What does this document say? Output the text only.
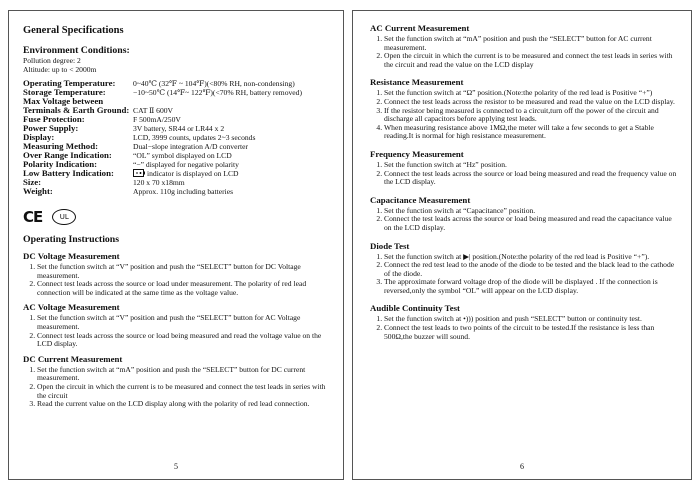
General Specifications
Environment Conditions:
Pollution degree: 2
Altitude: up to < 2000m
Operating Temperature:	0~40℃ (32℉ ~ 104℉)(<80% RH, non-condensing)
Storage Temperature:	−10~50℃ (14℉~ 122℉)(<70% RH, battery removed)
Max Voltage between
Terminals & Earth Ground: CAT Ⅱ 600V
Fuse Protection:	F 500mA/250V
Power Supply:	3V battery, SR44 or LR44 x 2
Display:	LCD, 3999 counts, updates 2~3 seconds
Measuring Method:	Dual−slope integration A/D converter
Over Range Indication:	“OL” symbol displayed on LCD
Polarity Indication:	“−” displayed for negative polarity
Low Battery Indication:	indicator is displayed on LCD
Size:	120 x 70 x18mm
Weight:	Approx. 110g including batteries
CE	UL
Operating Instructions
DC Voltage Measurement
1. Set the function switch at “V” position and push the “SELECT” button for DC Voltage measurement.
2. Connect test leads across the source or load under measurement. The polarity of red lead connection will be indicated at the same time as the voltage value.
AC Voltage Measurement
1. Set the function switch at “V” position and push the “SELECT” button for AC Voltage measurement.
2. Connect test leads across the source or load being measured and read the voltage value on the LCD display.
DC Current Measurement
1. Set the function switch at “mA” position and push the “SELECT” button for DC current measurement.
2. Open the circuit in which the current is to be measured and connect the test leads in series with the circuit
3. Read the current value on the LCD display along with the polarity of red lead connection.
5
AC Current Measurement
1. Set the function switch at “mA” position and push the “SELECT” button for AC current measurement.
2. Open the circuit in which the current is to be measured and connect the test leads in series with the circuit and read the value on the LCD display
Resistance Measurement
1. Set the function switch at “Ω” position.(Note:the polarity of the red lead is Positive “+”)
2. Connect the test leads across the resistor to be measured and read the value on the LCD display.
3. If the resistor being measured is connected to a circuit,turn off the power of the circuit and discharge all capacitors before applying test leads.
4. When measuring resistance above 1MΩ,the meter will take a few seconds to get a Stable reading.It is normal for high resistance measurement.
Frequency Measurement
1. Set the function switch at “Hz” position.
2. Connect the test leads across the source or load being measured and read the frequency value on the LCD display.
Capacitance Measurement
1. Set the function switch at “Capacitance” position.
2. Connect the test leads across the source or load being measured and read the capacitance value on the LCD display.
Diode Test
1. Set the function switch at ▶| position.(Note:the polarity of the red lead is Positive “+”).
2. Connect the red test lead to the anode of the diode to be tested and the black lead to the cathode of the diode.
3. The approximate forward voltage drop of the diode will be displayed . If the connection is reversed,only the symbol “OL” will appear on the LCD display.
Audible Continuity Test
1. Set the function switch at •))) position and push “SELECT” button or continuity test.
2. Connect the test leads to two points of the circuit to be tested.If the resistance is less than 500Ω,the buzzer will sound.
6
